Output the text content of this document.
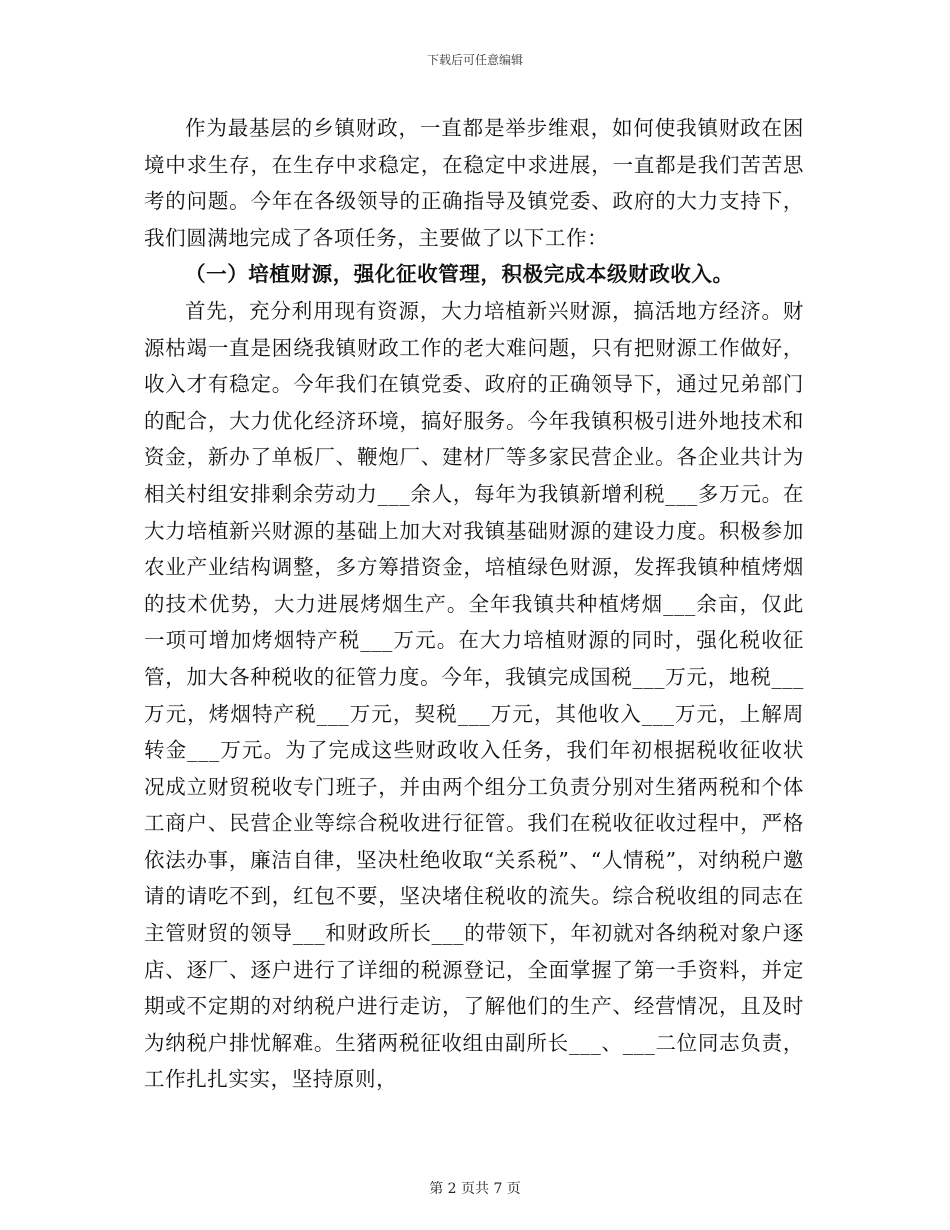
下载后可任意编辑

作为最基层的乡镇财政，一直都是举步维艰，如何使我镇财政在困境中求生存，在生存中求稳定，在稳定中求进展，一直都是我们苦苦思考的问题。今年在各级领导的正确指导及镇党委、政府的大力支持下，我们圆满地完成了各项任务，主要做了以下工作：

（一）培植财源，强化征收管理，积极完成本级财政收入。

首先，充分利用现有资源，大力培植新兴财源，搞活地方经济。财源枯竭一直是困绕我镇财政工作的老大难问题，只有把财源工作做好，收入才有稳定。今年我们在镇党委、政府的正确领导下，通过兄弟部门的配合，大力优化经济环境，搞好服务。今年我镇积极引进外地技术和资金，新办了单板厂、鞭炮厂、建材厂等多家民营企业。各企业共计为相关村组安排剩余劳动力___余人，每年为我镇新增利税___多万元。在大力培植新兴财源的基础上加大对我镇基础财源的建设力度。积极参加农业产业结构调整，多方筹措资金，培植绿色财源，发挥我镇种植烤烟的技术优势，大力进展烤烟生产。全年我镇共种植烤烟___余亩，仅此一项可增加烤烟特产税___万元。在大力培植财源的同时，强化税收征管，加大各种税收的征管力度。今年，我镇完成国税___万元，地税___万元，烤烟特产税___万元，契税___万元，其他收入___万元，上解周转金___万元。为了完成这些财政收入任务，我们年初根据税收征收状况成立财贸税收专门班子，并由两个组分工负责分别对生猪两税和个体工商户、民营企业等综合税收进行征管。我们在税收征收过程中，严格依法办事，廉洁自律，坚决杜绝收取“关系税”、“人情税”，对纳税户邀请的请吃不到，红包不要，坚决堵住税收的流失。综合税收组的同志在主管财贸的领导___和财政所长___的带领下，年初就对各纳税对象户逐店、逐厂、逐户进行了详细的税源登记，全面掌握了第一手资料，并定期或不定期的对纳税户进行走访，了解他们的生产、经营情况，且及时为纳税户排忧解难。生猪两税征收组由副所长___、___二位同志负责，工作扎扎实实，坚持原则，

第 2 页共 7 页
